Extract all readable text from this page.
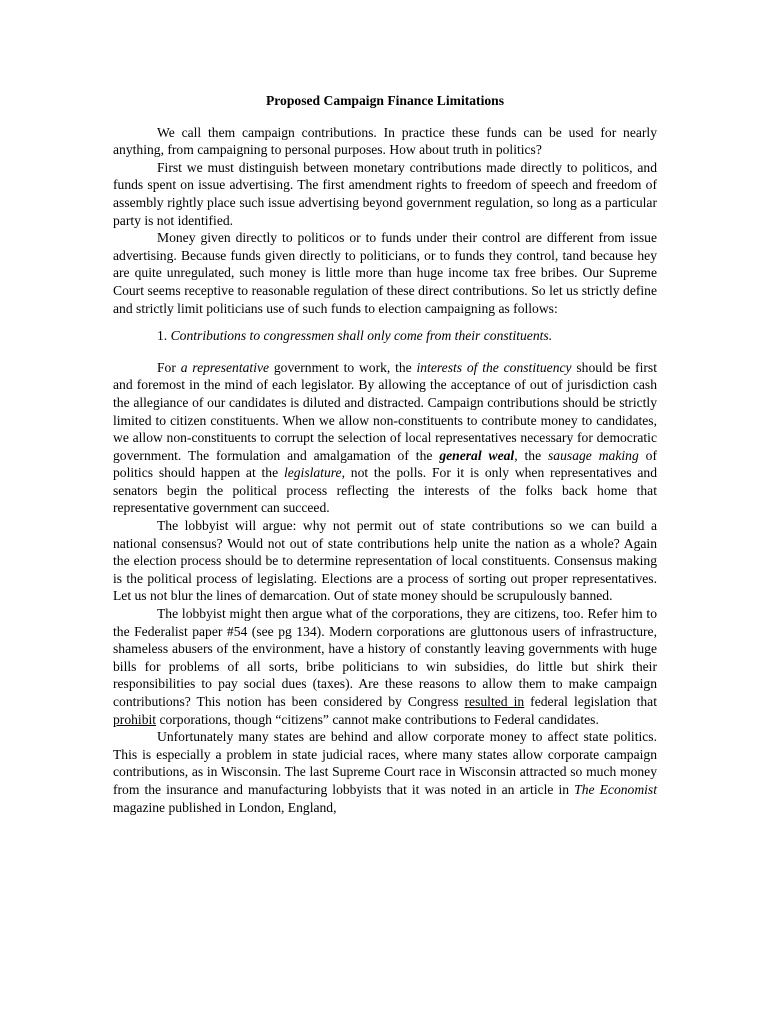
Proposed Campaign Finance Limitations

We call them campaign contributions. In practice these funds can be used for nearly anything, from campaigning to personal purposes. How about truth in politics?

First we must distinguish between monetary contributions made directly to politicos, and funds spent on issue advertising. The first amendment rights to freedom of speech and freedom of assembly rightly place such issue advertising beyond government regulation, so long as a particular party is not identified.

Money given directly to politicos or to funds under their control are different from issue advertising. Because funds given directly to politicians, or to funds they control, tand because hey are quite unregulated, such money is little more than huge income tax free bribes. Our Supreme Court seems receptive to reasonable regulation of these direct contributions. So let us strictly define and strictly limit politicians use of such funds to election campaigning as follows:

1. Contributions to congressmen shall only come from their constituents.

For a representative government to work, the interests of the constituency should be first and foremost in the mind of each legislator. By allowing the acceptance of out of jurisdiction cash the allegiance of our candidates is diluted and distracted. Campaign contributions should be strictly limited to citizen constituents. When we allow non-constituents to contribute money to candidates, we allow non-constituents to corrupt the selection of local representatives necessary for democratic government. The formulation and amalgamation of the general weal, the sausage making of politics should happen at the legislature, not the polls. For it is only when representatives and senators begin the political process reflecting the interests of the folks back home that representative government can succeed.

The lobbyist will argue: why not permit out of state contributions so we can build a national consensus? Would not out of state contributions help unite the nation as a whole? Again the election process should be to determine representation of local constituents. Consensus making is the political process of legislating. Elections are a process of sorting out proper representatives. Let us not blur the lines of demarcation. Out of state money should be scrupulously banned.

The lobbyist might then argue what of the corporations, they are citizens, too. Refer him to the Federalist paper #54 (see pg 134). Modern corporations are gluttonous users of infrastructure, shameless abusers of the environment, have a history of constantly leaving governments with huge bills for problems of all sorts, bribe politicians to win subsidies, do little but shirk their responsibilities to pay social dues (taxes). Are these reasons to allow them to make campaign contributions? This notion has been considered by Congress resulted in federal legislation that prohibit corporations, though “citizens” cannot make contributions to Federal candidates.

Unfortunately many states are behind and allow corporate money to affect state politics. This is especially a problem in state judicial races, where many states allow corporate campaign contributions, as in Wisconsin. The last Supreme Court race in Wisconsin attracted so much money from the insurance and manufacturing lobbyists that it was noted in an article in The Economist magazine published in London, England,
